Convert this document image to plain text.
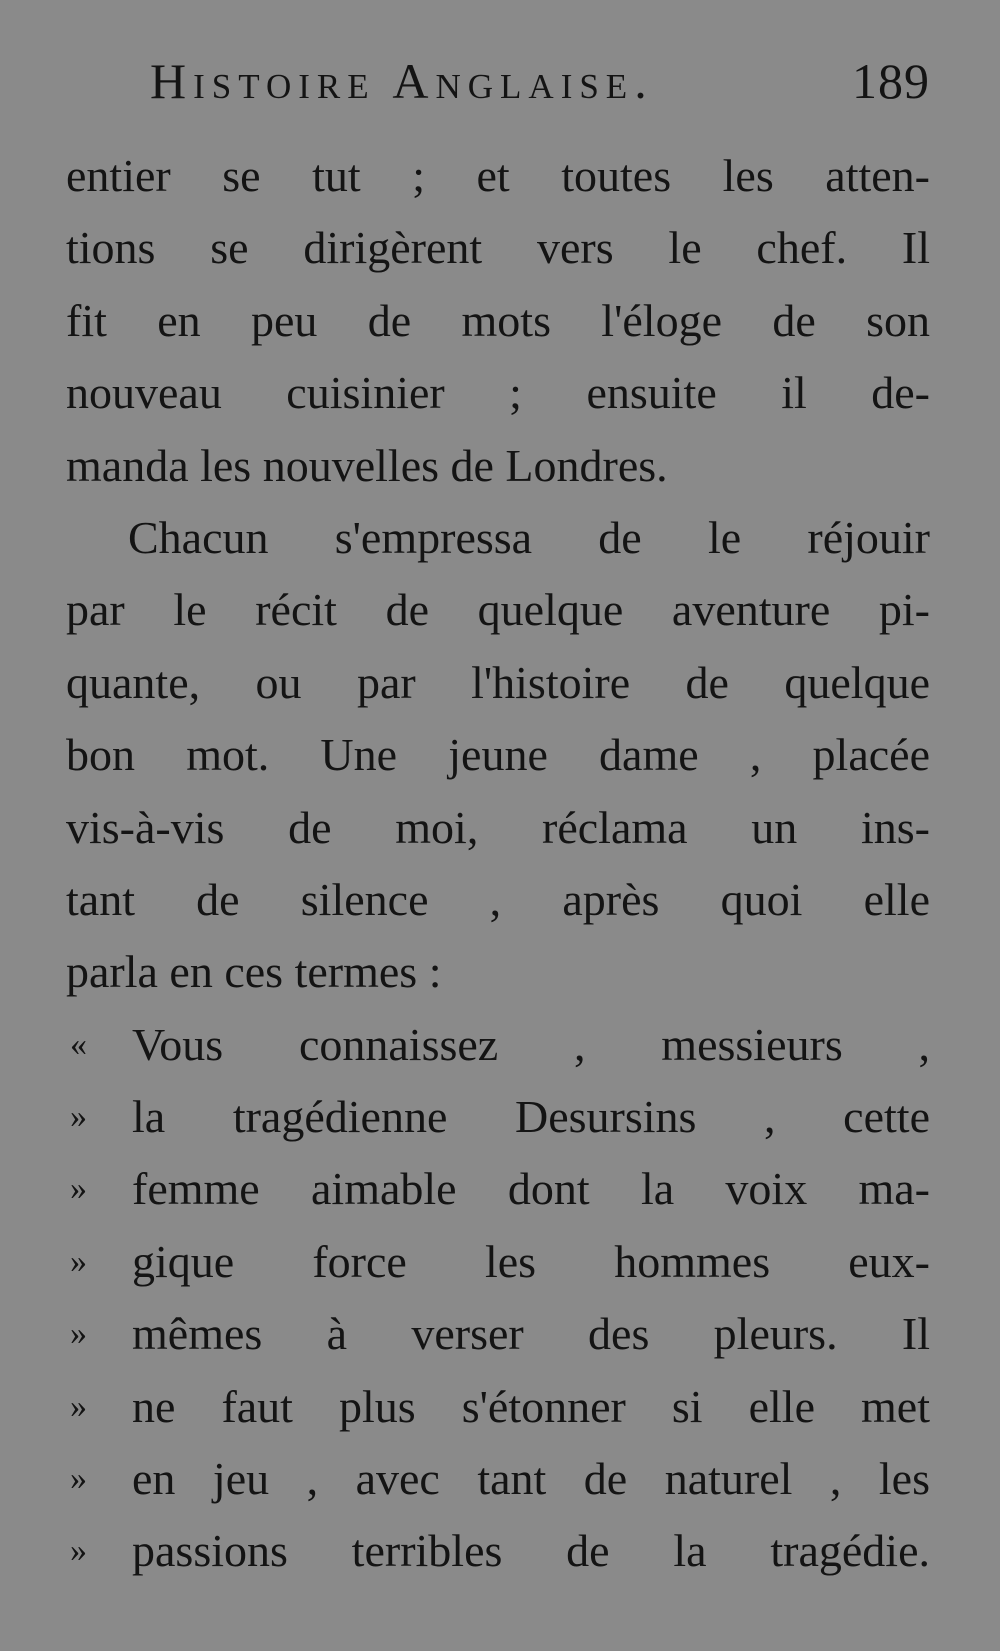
Histoire Anglaise.	189
entier se tut ; et toutes les atten-
tions se dirigèrent vers le chef. Il
fit en peu de mots l'éloge de son
nouveau cuisinier ; ensuite il de-
manda les nouvelles de Londres.
Chacun s'empressa de le réjouir
par le récit de quelque aventure pi-
quante, ou par l'histoire de quelque
bon mot. Une jeune dame , placée
vis-à-vis de moi, réclama un ins-
tant de silence , après quoi elle
parla en ces termes :
« Vous connaissez , messieurs ,
» la tragédienne Desursins , cette
» femme aimable dont la voix ma-
» gique force les hommes eux-
» mêmes à verser des pleurs. Il
» ne faut plus s'étonner si elle met
» en jeu , avec tant de naturel , les
» passions terribles de la tragédie.
